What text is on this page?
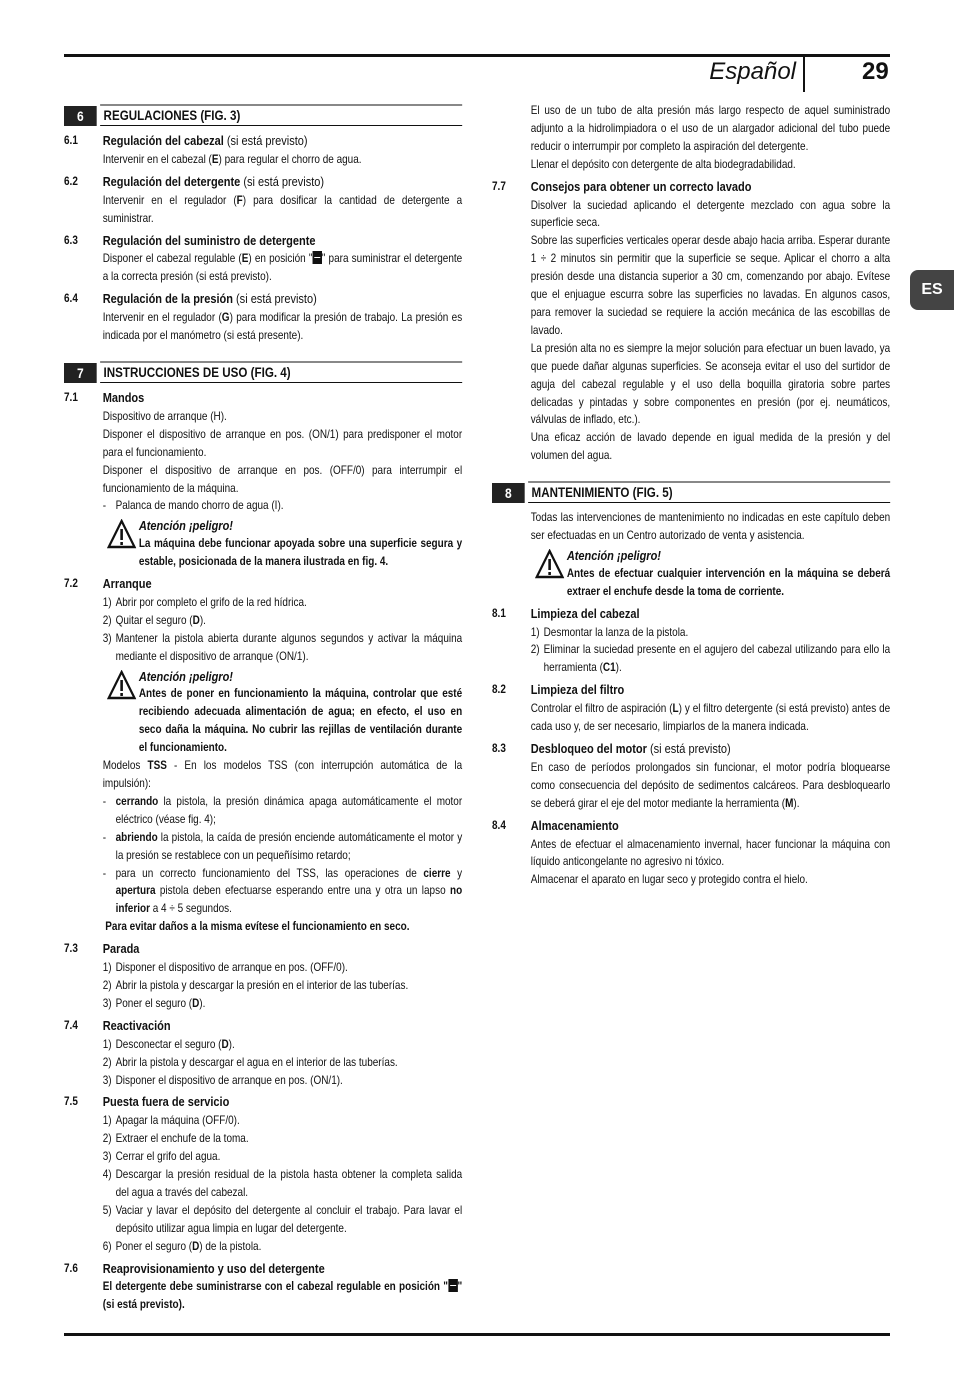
Español	29
ES
6	REGULACIONES (FIG. 3)
6.1 Regulación del cabezal (si está previsto)
Intervenir en el cabezal (E) para regular el chorro de agua.
6.2 Regulación del detergente (si está previsto)
Intervenir en el regulador (F) para dosificar la cantidad de detergente a suministrar.
6.3 Regulación del suministro de detergente
Disponer el cabezal regulable (E) en posición " " para suministrar el detergente a la correcta presión (si está previsto).
6.4 Regulación de la presión (si está previsto)
Intervenir en el regulador (G) para modificar la presión de trabajo. La presión es indicada por el manómetro (si está presente).
7	INSTRUCCIONES DE USO (FIG. 4)
7.1 Mandos
Dispositivo de arranque (H).
Disponer el dispositivo de arranque en pos. (ON/1) para predisponer el motor para el funcionamiento.
Disponer el dispositivo de arranque en pos. (OFF/0) para interrumpir el funcionamiento de la máquina.
- Palanca de mando chorro de agua (I).
Atención ¡peligro!
La máquina debe funcionar apoyada sobre una superficie segura y estable, posicionada de la manera ilustrada en fig. 4.
7.2 Arranque
1) Abrir por completo el grifo de la red hídrica.
2) Quitar el seguro (D).
3) Mantener la pistola abierta durante algunos segundos y activar la máquina mediante el dispositivo de arranque (ON/1).
Atención ¡peligro!
Antes de poner en funcionamiento la máquina, controlar que esté recibiendo adecuada alimentación de agua; en efecto, el uso en seco daña la máquina. No cubrir las rejillas de ventilación durante el funcionamiento.
Modelos TSS - En los modelos TSS (con interrupción automática de la impulsión):
- cerrando la pistola, la presión dinámica apaga automáticamente el motor eléctrico (véase fig. 4);
- abriendo la pistola, la caída de presión enciende automáticamente el motor y la presión se restablece con un pequeñísimo retardo;
- para un correcto funcionamiento del TSS, las operaciones de cierre y apertura pistola deben efectuarse esperando entre una y otra un lapso no inferior a 4 ÷ 5 segundos.
Para evitar daños a la misma evítese el funcionamiento en seco.
7.3 Parada
1) Disponer el dispositivo de arranque en pos. (OFF/0).
2) Abrir la pistola y descargar la presión en el interior de las tuberías.
3) Poner el seguro (D).
7.4 Reactivación
1) Desconectar el seguro (D).
2) Abrir la pistola y descargar el agua en el interior de las tuberías.
3) Disponer el dispositivo de arranque en pos. (ON/1).
7.5 Puesta fuera de servicio
1) Apagar la máquina (OFF/0).
2) Extraer el enchufe de la toma.
3) Cerrar el grifo del agua.
4) Descargar la presión residual de la pistola hasta obtener la completa salida del agua a través del cabezal.
5) Vaciar y lavar el depósito del detergente al concluir el trabajo. Para lavar el depósito utilizar agua limpia en lugar del detergente.
6) Poner el seguro (D) de la pistola.
7.6 Reaprovisionamiento y uso del detergente
El detergente debe suministrarse con el cabezal regulable en posición " " (si está previsto).
El uso de un tubo de alta presión más largo respecto de aquel suministrado adjunto a la hidrolimpiadora o el uso de un alargador adicional del tubo puede reducir o interrumpir por completo la aspiración del detergente.
Llenar el depósito con detergente de alta biodegradabilidad.
7.7 Consejos para obtener un correcto lavado
Disolver la suciedad aplicando el detergente mezclado con agua sobre la superficie seca.
Sobre las superficies verticales operar desde abajo hacia arriba. Esperar durante 1 ÷ 2 minutos sin permitir que la superficie se seque. Aplicar el chorro a alta presión desde una distancia superior a 30 cm, comenzando por abajo. Evítese que el enjuague escurra sobre las superficies no lavadas. En algunos casos, para remover la suciedad se requiere la acción mecánica de las escobillas de lavado.
La presión alta no es siempre la mejor solución para efectuar un buen lavado, ya que puede dañar algunas superficies. Se aconseja evitar el uso del surtidor de aguja del cabezal regulable y el uso della boquilla giratoria sobre partes delicadas y pintadas y sobre componentes en presión (por ej. neumáticos, válvulas de inflado, etc.).
Una eficaz acción de lavado depende en igual medida de la presión y del volumen del agua.
8	MANTENIMIENTO (FIG. 5)
Todas las intervenciones de mantenimiento no indicadas en este capítulo deben ser efectuadas en un Centro autorizado de venta y asistencia.
Atención ¡peligro!
Antes de efectuar cualquier intervención en la máquina se deberá extraer el enchufe desde la toma de corriente.
8.1 Limpieza del cabezal
1) Desmontar la lanza de la pistola.
2) Eliminar la suciedad presente en el agujero del cabezal utilizando para ello la herramienta (C1).
8.2 Limpieza del filtro
Controlar el filtro de aspiración (L) y el filtro detergente (si está previsto) antes de cada uso y, de ser necesario, limpiarlos de la manera indicada.
8.3 Desbloqueo del motor (si está previsto)
En caso de períodos prolongados sin funcionar, el motor podría bloquearse como consecuencia del depósito de sedimentos calcáreos. Para desbloquearlo se deberá girar el eje del motor mediante la herramienta (M).
8.4 Almacenamiento
Antes de efectuar el almacenamiento invernal, hacer funcionar la máquina con líquido anticongelante no agresivo ni tóxico.
Almacenar el aparato en lugar seco y protegido contra el hielo.
